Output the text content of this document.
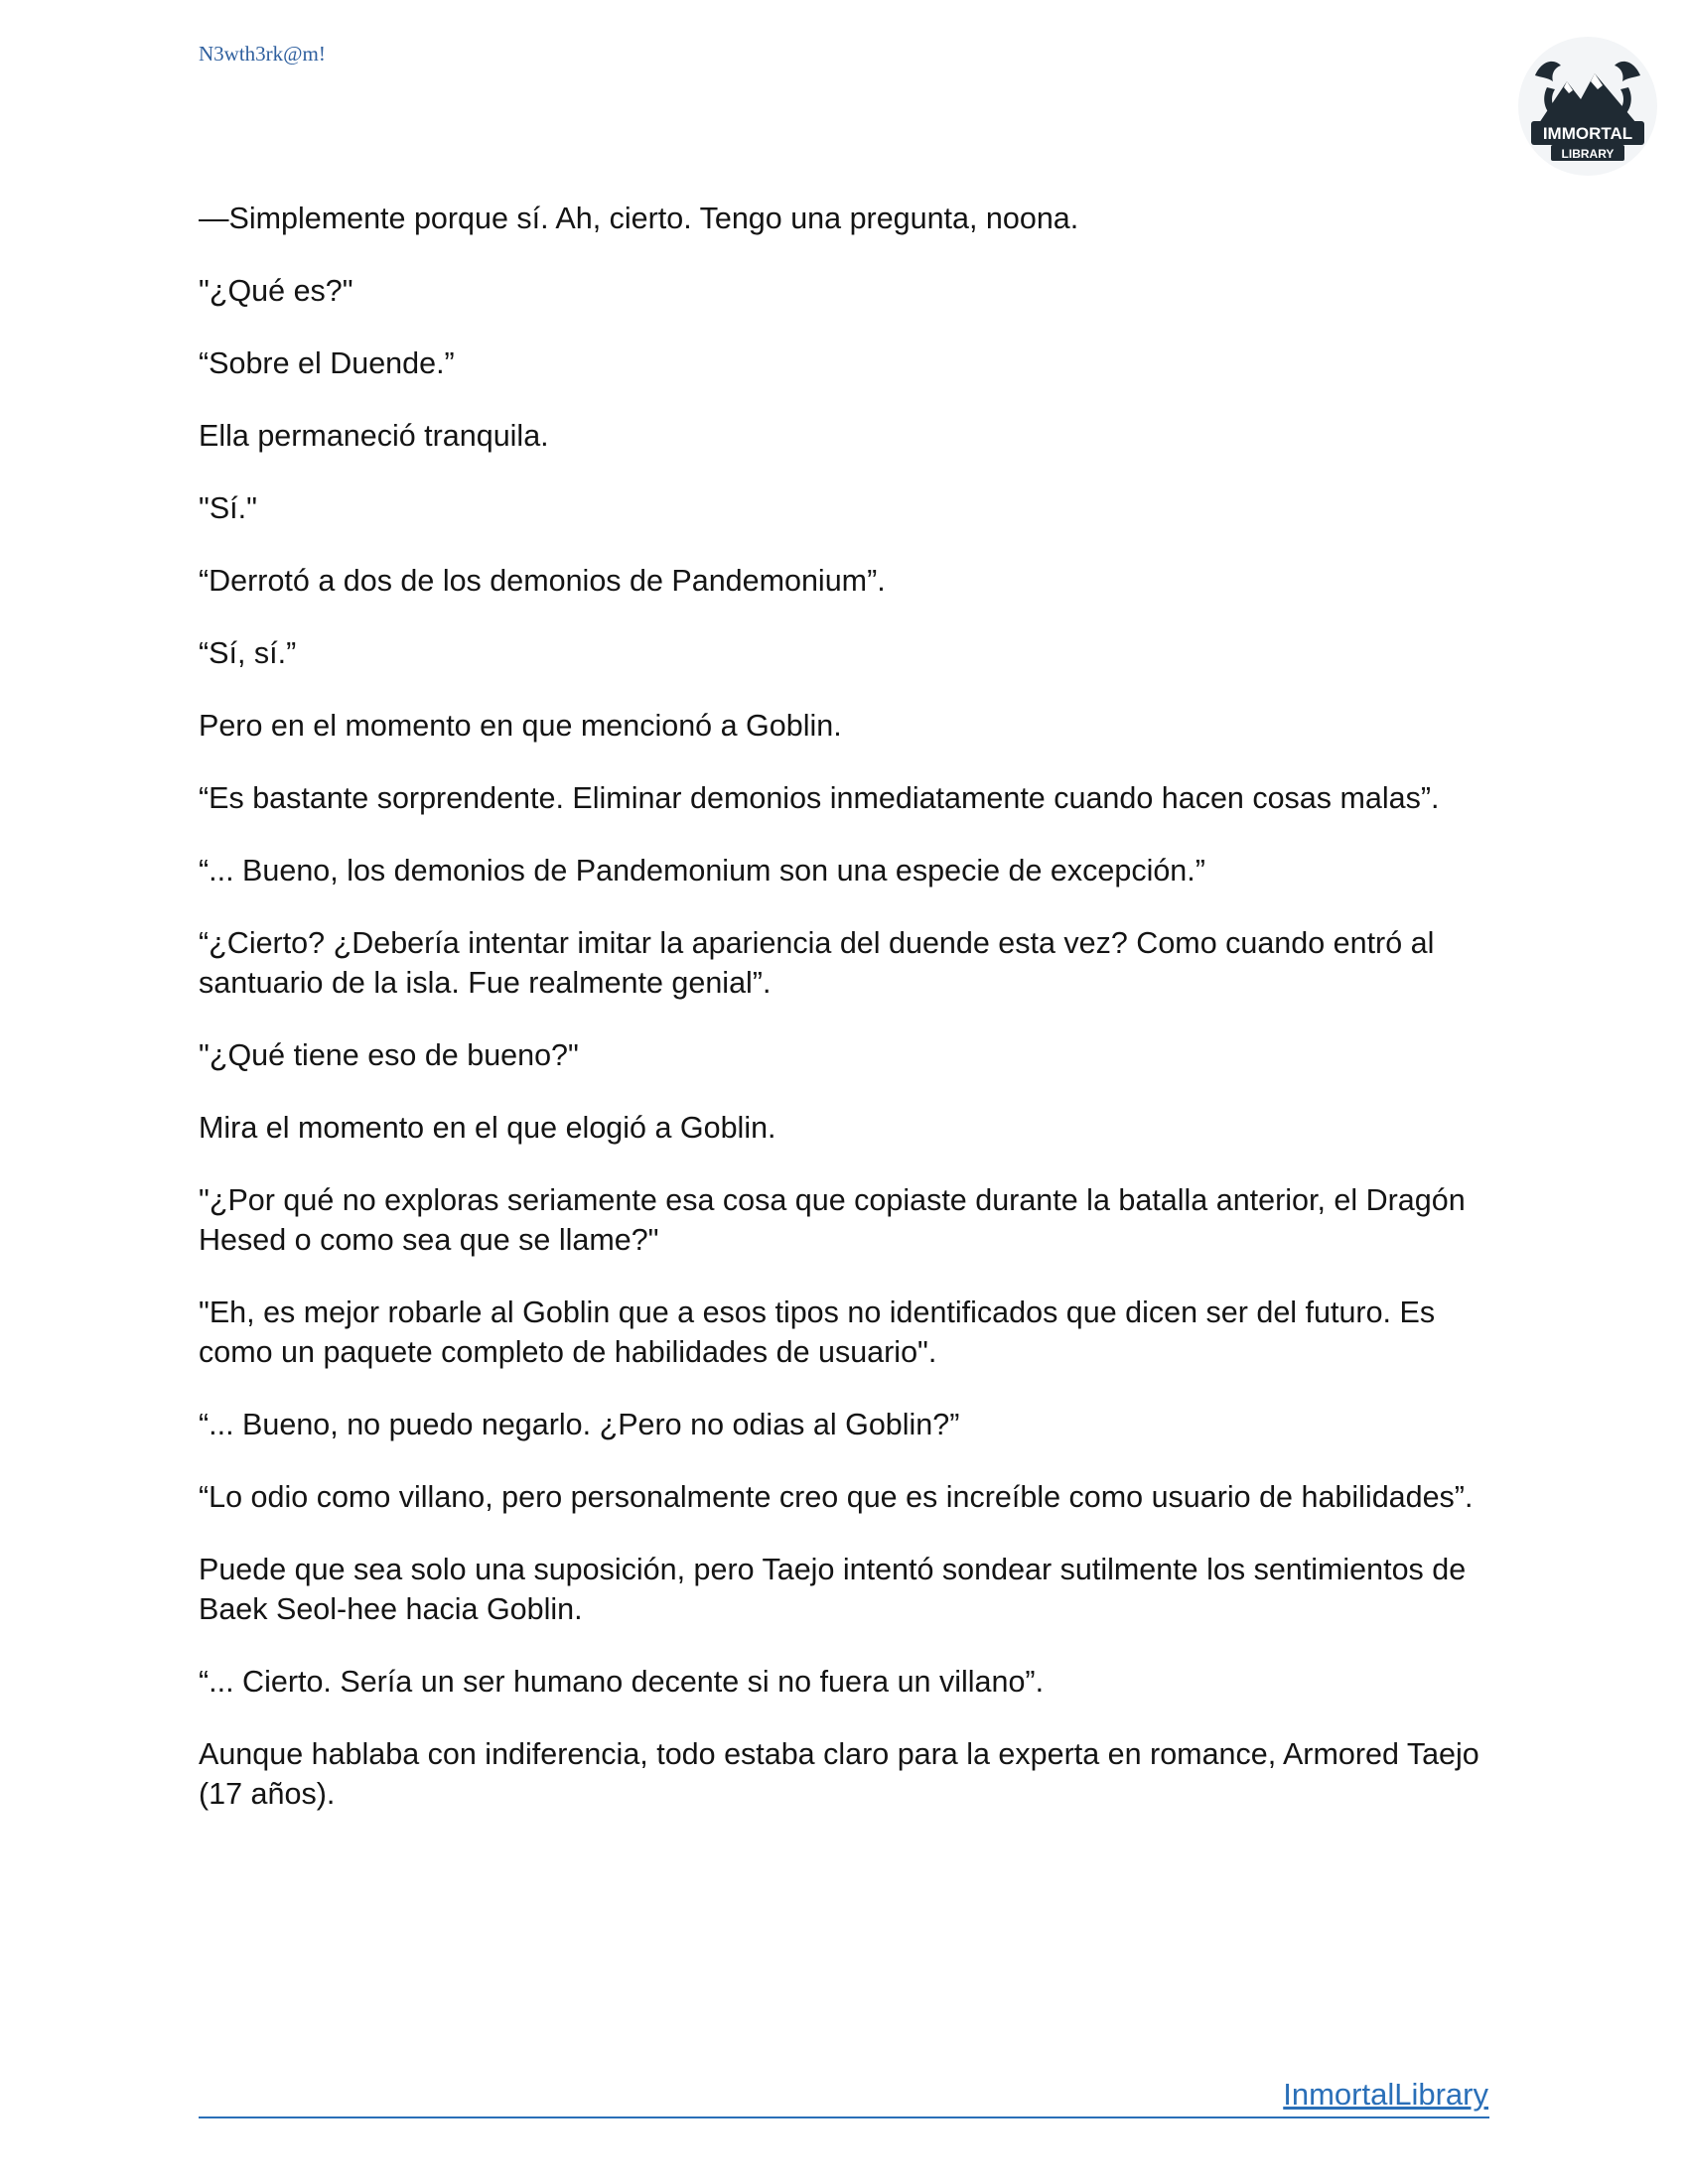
N3wth3rk@m!
IMMORTAL
LIBRARY

—Simplemente porque sí. Ah, cierto. Tengo una pregunta, noona.

"¿Qué es?"

“Sobre el Duende.”

Ella permaneció tranquila.

"Sí."

“Derrotó a dos de los demonios de Pandemonium”.

“Sí, sí.”

Pero en el momento en que mencionó a Goblin.

“Es bastante sorprendente. Eliminar demonios inmediatamente cuando hacen cosas malas”.

“... Bueno, los demonios de Pandemonium son una especie de excepción.”

“¿Cierto? ¿Debería intentar imitar la apariencia del duende esta vez? Como cuando entró al santuario de la isla. Fue realmente genial”.

"¿Qué tiene eso de bueno?"

Mira el momento en el que elogió a Goblin.

"¿Por qué no exploras seriamente esa cosa que copiaste durante la batalla anterior, el Dragón Hesed o como sea que se llame?"

"Eh, es mejor robarle al Goblin que a esos tipos no identificados que dicen ser del futuro. Es como un paquete completo de habilidades de usuario".

“... Bueno, no puedo negarlo. ¿Pero no odias al Goblin?”

“Lo odio como villano, pero personalmente creo que es increíble como usuario de habilidades”.

Puede que sea solo una suposición, pero Taejo intentó sondear sutilmente los sentimientos de Baek Seol-hee hacia Goblin.

“... Cierto. Sería un ser humano decente si no fuera un villano”.

Aunque hablaba con indiferencia, todo estaba claro para la experta en romance, Armored Taejo (17 años).

InmortalLibrary
